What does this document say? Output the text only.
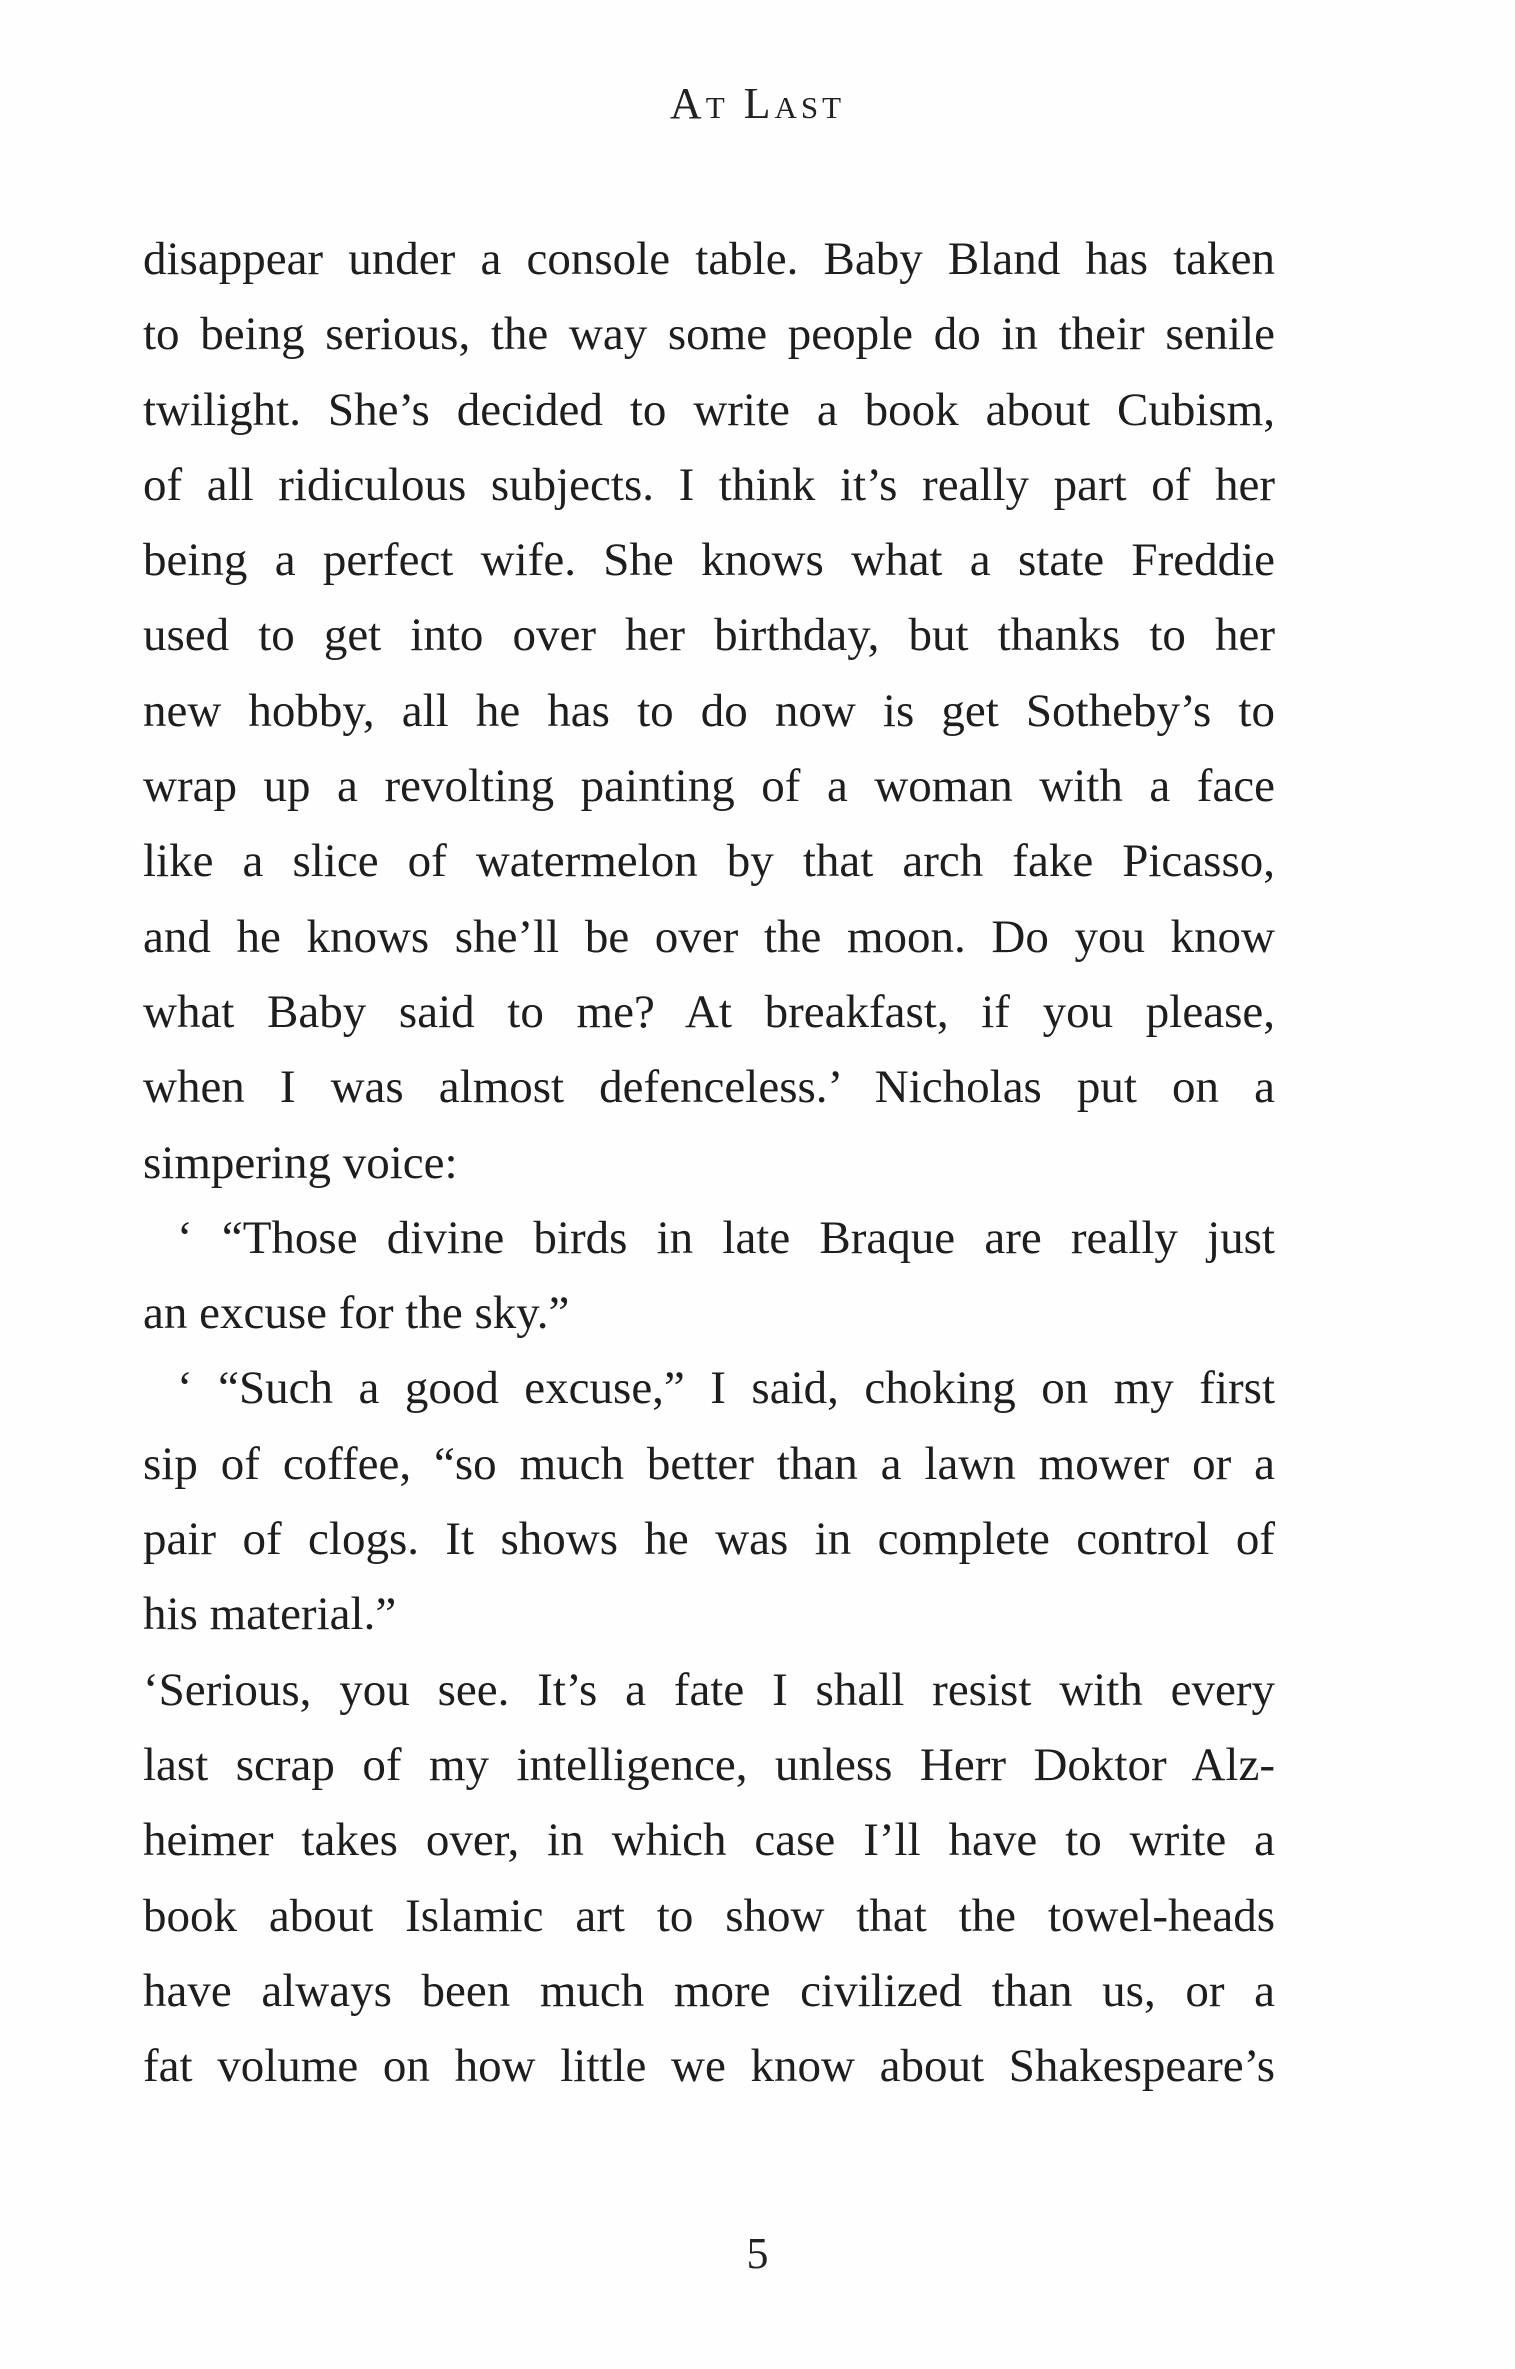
At Last
disappear under a console table. Baby Bland has taken
to being serious, the way some people do in their senile
twilight. She’s decided to write a book about Cubism,
of all ridiculous subjects. I think it’s really part of her
being a perfect wife. She knows what a state Freddie
used to get into over her birthday, but thanks to her
new hobby, all he has to do now is get Sotheby’s to
wrap up a revolting painting of a woman with a face
like a slice of watermelon by that arch fake Picasso,
and he knows she’ll be over the moon. Do you know
what Baby said to me? At breakfast, if you please,
when I was almost defenceless.’ Nicholas put on a
simpering voice:
‘ “Those divine birds in late Braque are really just
an excuse for the sky.”
‘ “Such a good excuse,” I said, choking on my first
sip of coffee, “so much better than a lawn mower or a
pair of clogs. It shows he was in complete control of
his material.”
‘Serious, you see. It’s a fate I shall resist with every
last scrap of my intelligence, unless Herr Doktor Alz-
heimer takes over, in which case I’ll have to write a
book about Islamic art to show that the towel-heads
have always been much more civilized than us, or a
fat volume on how little we know about Shakespeare’s
5
